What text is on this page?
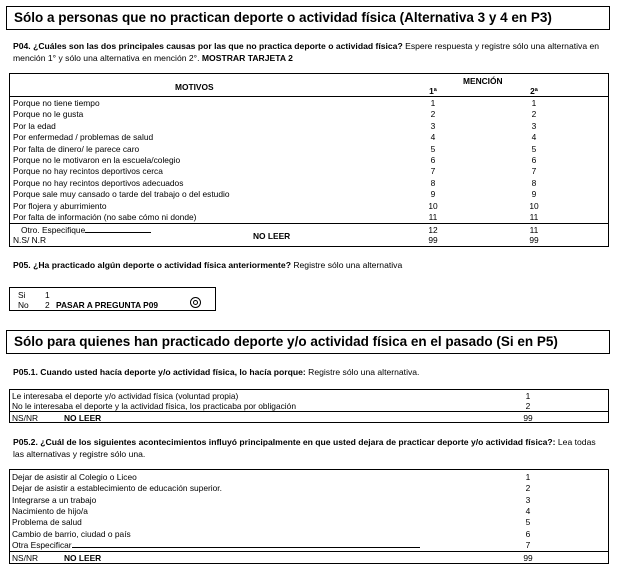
Sólo a personas que no practican deporte o actividad física (Alternativa 3 y 4 en P3)
P04. ¿Cuáles son las dos principales causas por las que no practica deporte o actividad física? Espere respuesta y registre sólo una alternativa en mención 1° y sólo una alternativa en mención 2°. MOSTRAR TARJETA 2
MOTIVOS
MENCIÓN
1ª	2ª
Porque no tiene tiempo	1	1
Porque no le gusta	2	2
Por la edad	3	3
Por enfermedad / problemas de salud	4	4
Por falta de dinero/ le parece caro	5	5
Porque no le motivaron en la escuela/colegio	6	6
Porque no hay recintos deportivos cerca	7	7
Porque no hay recintos deportivos adecuados	8	8
Porque sale muy cansado o tarde del trabajo o del estudio	9	9
Por flojera y aburrimiento	10	10
Por falta de información (no sabe cómo ni donde)	11	11
Otro. Especifique	12	11
NO LEER
N.S/ N.R	99	99
P05. ¿Ha practicado algún deporte o actividad física anteriormente? Registre sólo una alternativa
Si 1
No 2 PASAR A PREGUNTA P09
Sólo para quienes han practicado deporte y/o actividad física en el pasado (Si en P5)
P05.1. Cuando usted hacía deporte y/o actividad física, lo hacía porque: Registre sólo una alternativa.
Le interesaba el deporte y/o actividad física (voluntad propia)	1
No le interesaba el deporte y la actividad física, los practicaba por obligación	2
NS/NR	NO LEER	99
P05.2. ¿Cuál de los siguientes acontecimientos influyó principalmente en que usted dejara de practicar deporte y/o actividad física?: Lea todas las alternativas y registre sólo una.
Dejar de asistir al Colegio o Liceo	1
Dejar de asistir a establecimiento de educación superior.	2
Integrarse a un trabajo	3
Nacimiento de hijo/a	4
Problema de salud	5
Cambio de barrio, ciudad o país	6
Otra Especificar	7
NS/NR	NO LEER	99
